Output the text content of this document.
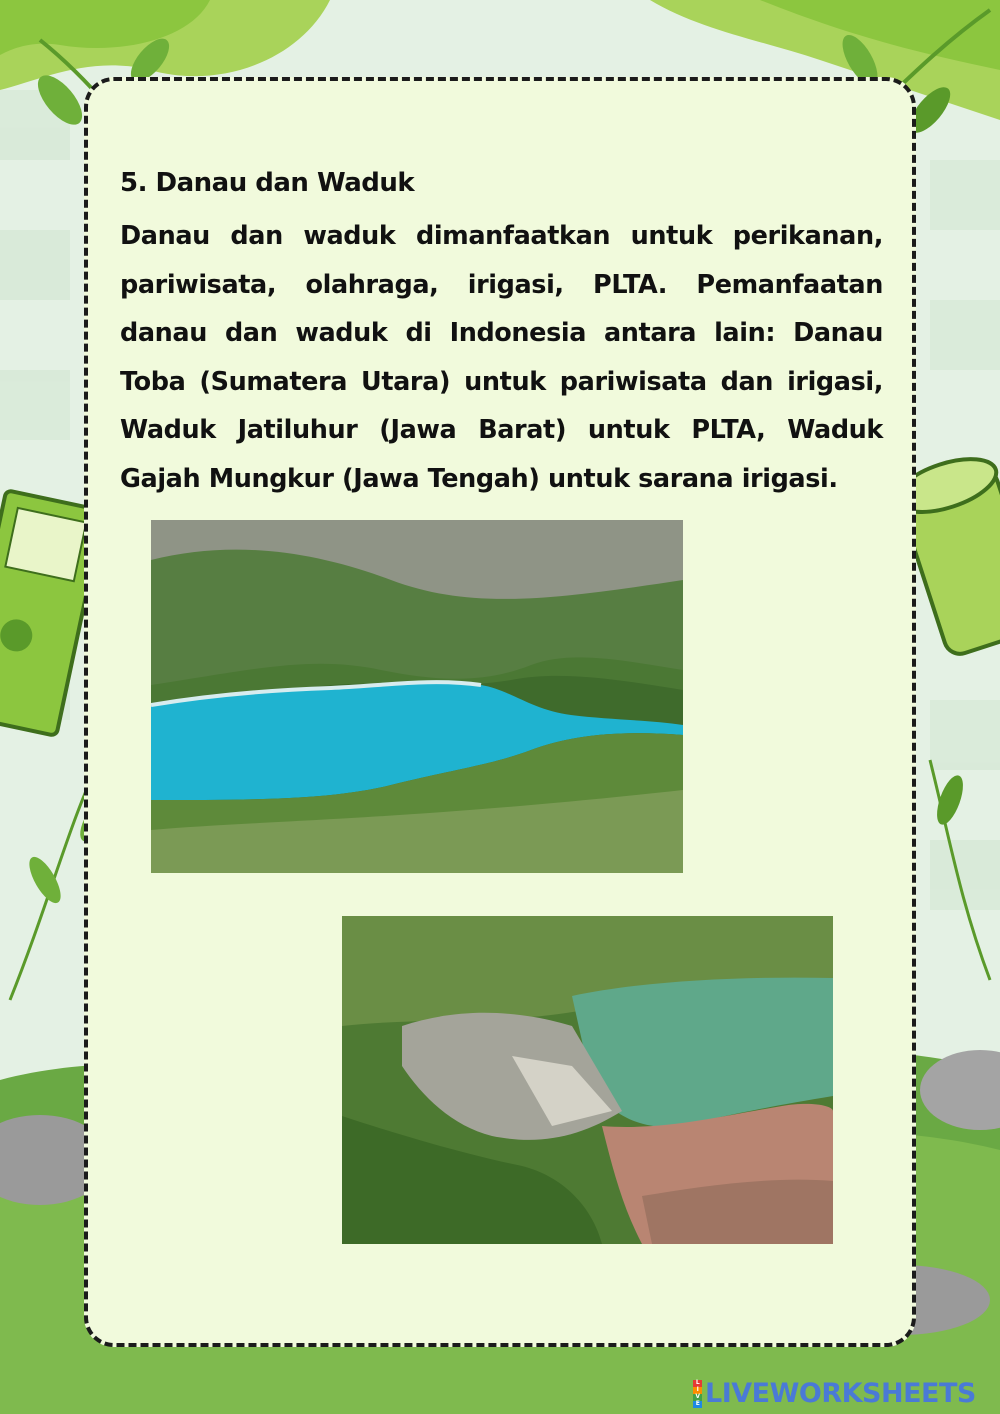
5. Danau dan Waduk
Danau dan waduk dimanfaatkan untuk perikanan, pariwisata, olahraga, irigasi, PLTA. Pemanfaatan danau dan waduk di Indonesia antara lain: Danau Toba (Sumatera Utara) untuk pariwisata dan irigasi, Waduk Jatiluhur (Jawa Barat) untuk PLTA, Waduk Gajah Mungkur (Jawa Tengah) untuk sarana irigasi.
L
I
V
E LIVEWORKSHEETS
